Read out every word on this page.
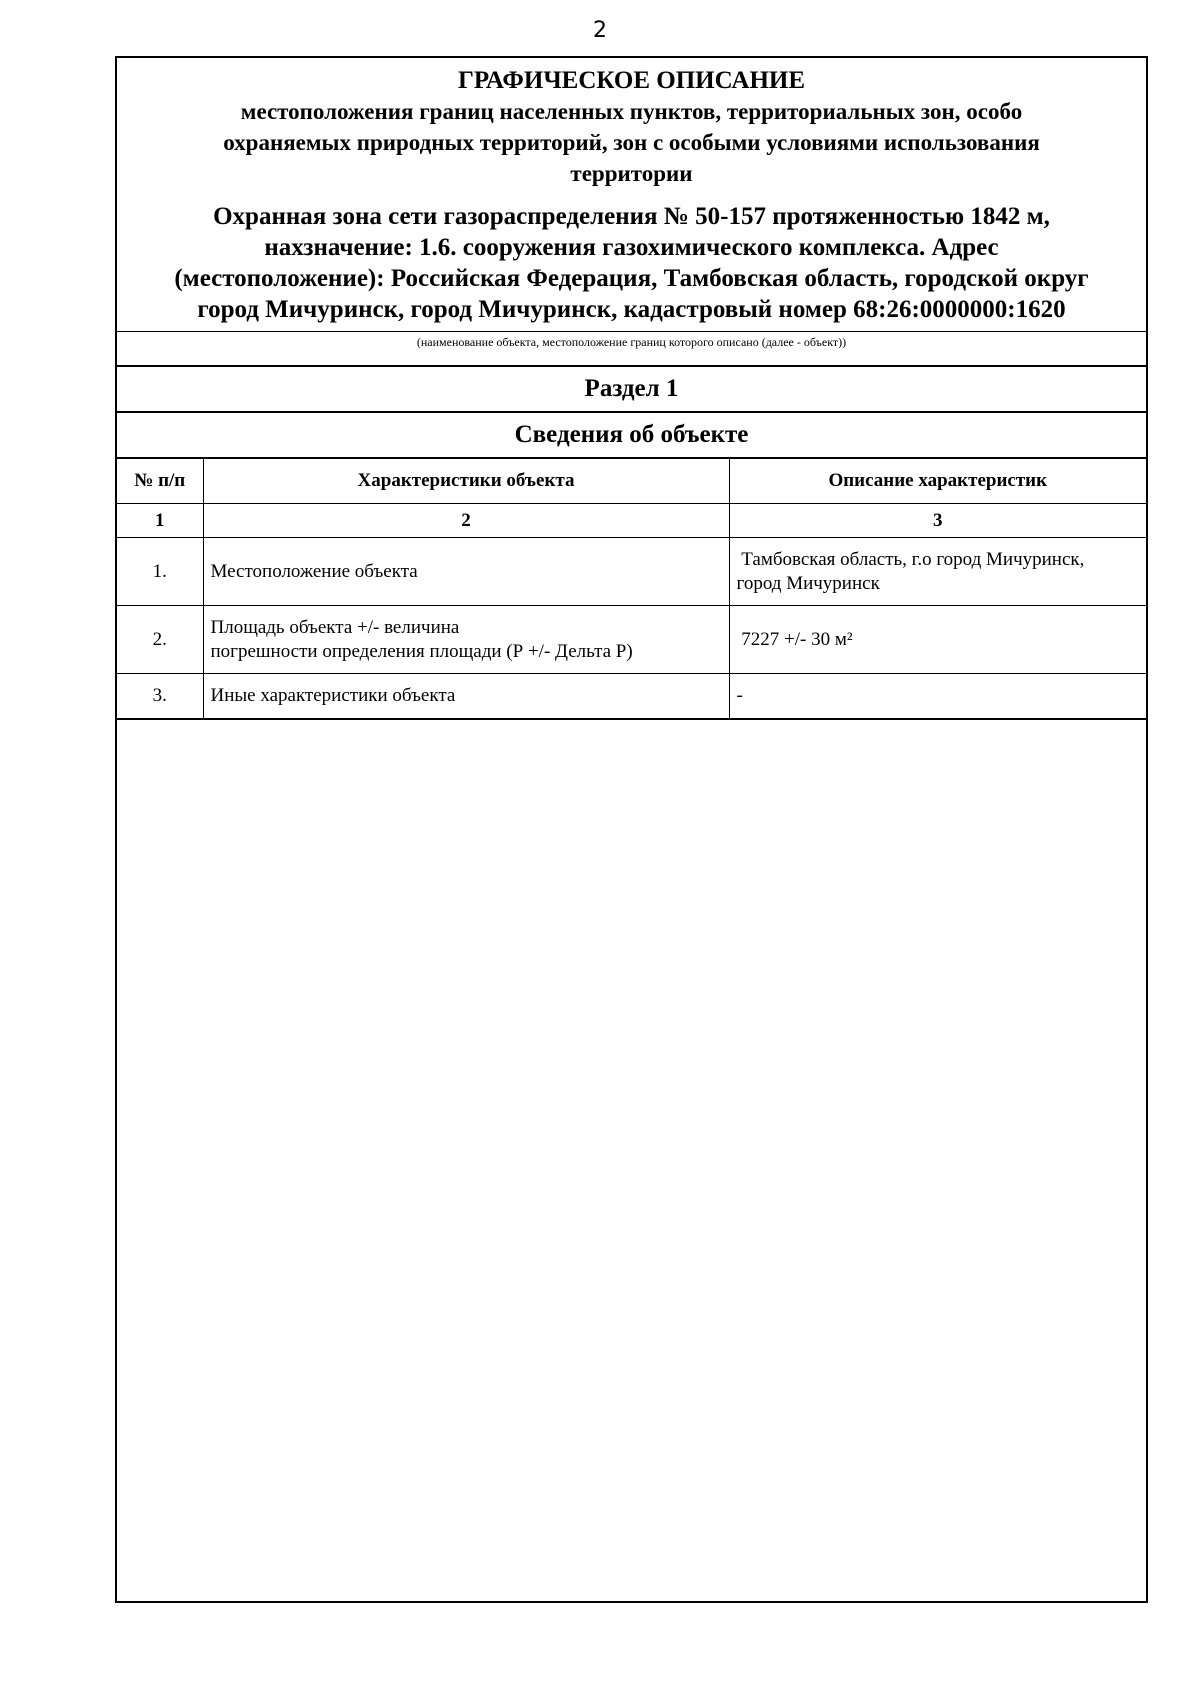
2
ГРАФИЧЕСКОЕ ОПИСАНИЕ
местоположения границ населенных пунктов, территориальных зон, особо
охраняемых природных территорий, зон с особыми условиями использования
территории
Охранная зона сети газораспределения № 50-157 протяженностью 1842 м,
нахзначение: 1.6. сооружения газохимического комплекса. Адрес
(местоположение): Российская Федерация, Тамбовская область, городской округ
город Мичуринск, город Мичуринск, кадастровый номер 68:26:0000000:1620
(наименование объекта, местоположение границ которого описано (далее - объект))
Раздел 1
Сведения об объекте
№ п/п	Характеристики объекта	Описание характеристик
1	2	3
1.	Местоположение объекта	Тамбовская область, г.о город Мичуринск,
город Мичуринск

2.	Площадь объекта +/- величина
погрешности определения площади (Р +/- Дельта Р)	7227 +/- 30 м²

3.	Иные характеристики объекта	-
